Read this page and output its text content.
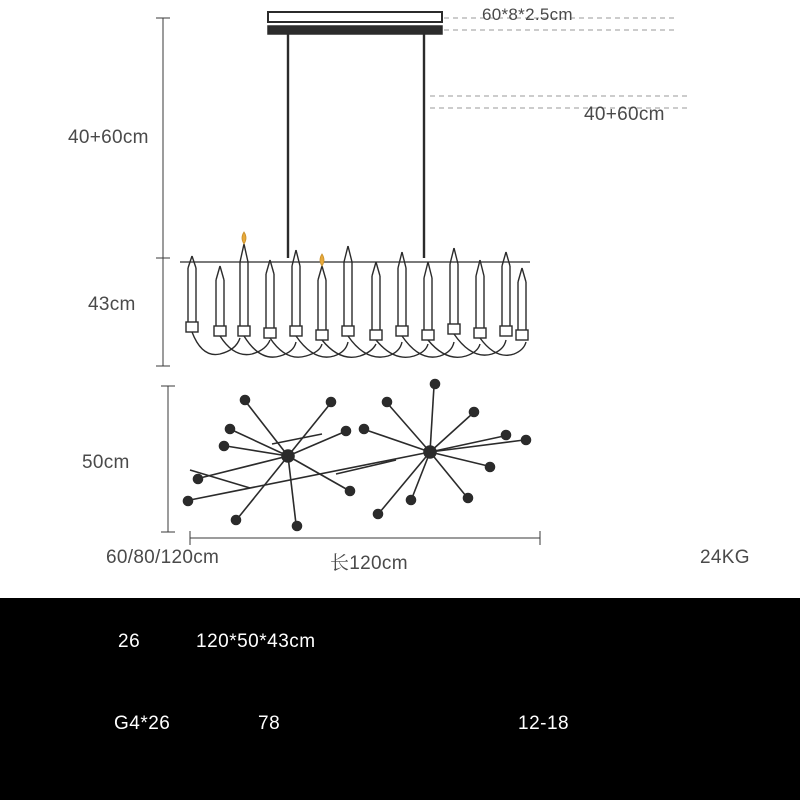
60*8*2.5cm
40+60cm
40+60cm
43cm
50cm
60/80/120cm	长120cm	24KG
26	120*50*43cm
G4*26	78	12-18
